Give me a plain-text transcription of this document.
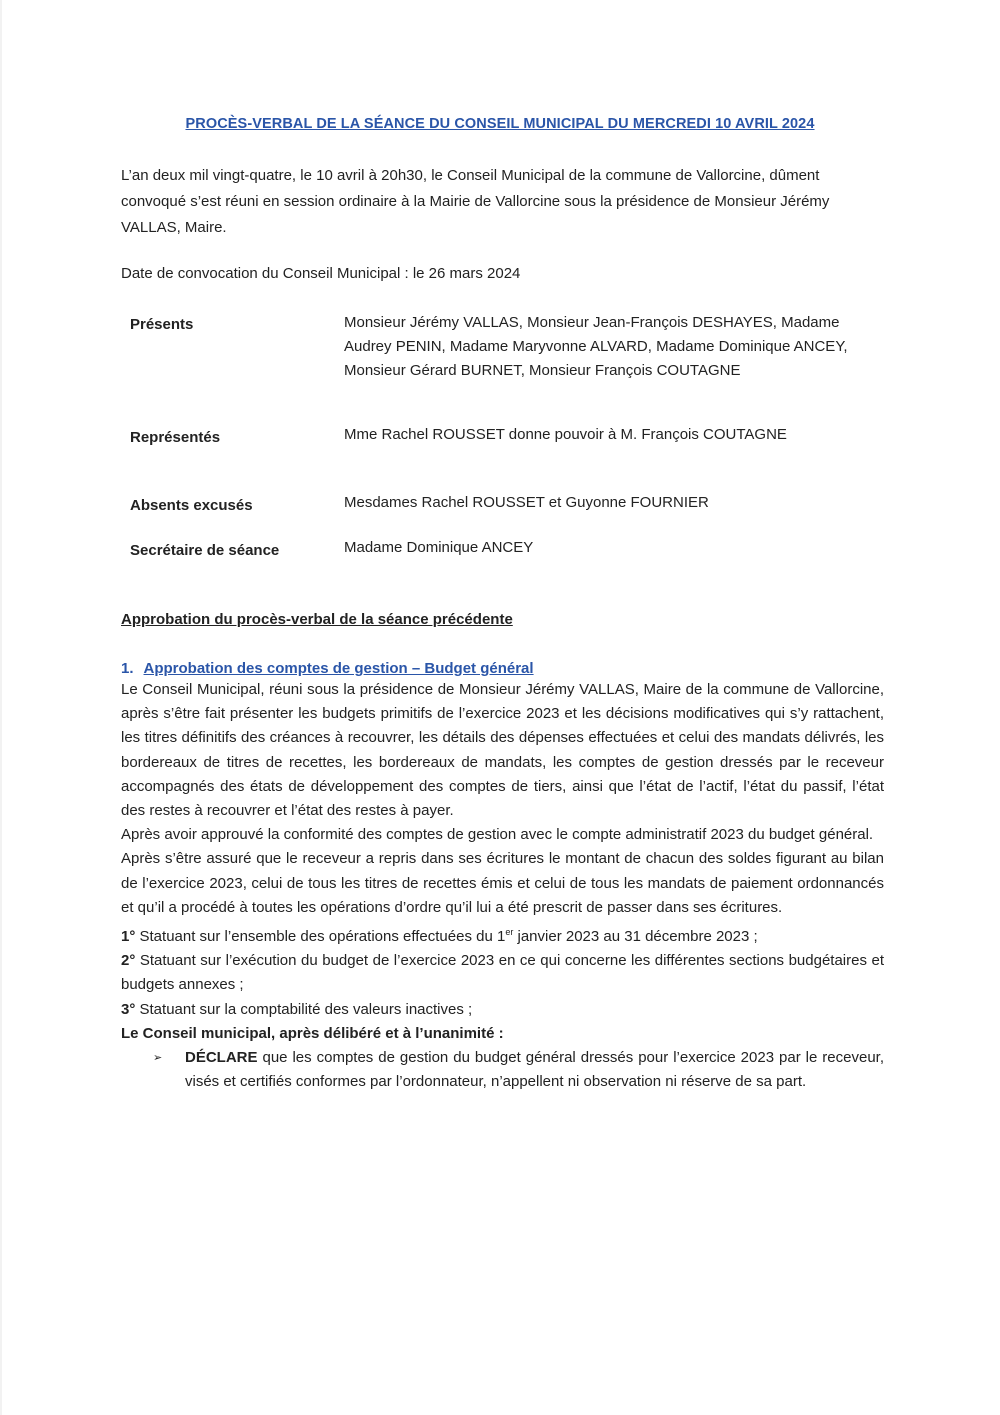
PROCÈS-VERBAL DE LA SÉANCE DU CONSEIL MUNICIPAL DU MERCREDI 10 AVRIL 2024

L’an deux mil vingt-quatre, le 10 avril à 20h30, le Conseil Municipal de la commune de Vallorcine, dûment convoqué s’est réuni en session ordinaire à la Mairie de Vallorcine sous la présidence de Monsieur Jérémy VALLAS, Maire.

Date de convocation du Conseil Municipal : le 26 mars 2024

Présents	Monsieur Jérémy VALLAS, Monsieur Jean-François DESHAYES, Madame Audrey PENIN, Madame Maryvonne ALVARD, Madame Dominique ANCEY, Monsieur Gérard BURNET, Monsieur François COUTAGNE
Représentés	Mme Rachel ROUSSET donne pouvoir à M. François COUTAGNE
Absents excusés	Mesdames Rachel ROUSSET et Guyonne FOURNIER
Secrétaire de séance	Madame Dominique ANCEY
Approbation du procès-verbal de la séance précédente
1. Approbation des comptes de gestion – Budget général

Le Conseil Municipal, réuni sous la présidence de Monsieur Jérémy VALLAS, Maire de la commune de Vallorcine, après s’être fait présenter les budgets primitifs de l’exercice 2023 et les décisions modificatives qui s’y rattachent, les titres définitifs des créances à recouvrer, les détails des dépenses effectuées et celui des mandats délivrés, les bordereaux de titres de recettes, les bordereaux de mandats, les comptes de gestion dressés par le receveur accompagnés des états de développement des comptes de tiers, ainsi que l’état de l’actif, l’état du passif, l’état des restes à recouvrer et l’état des restes à payer.

Après avoir approuvé la conformité des comptes de gestion avec le compte administratif 2023 du budget général.

Après s’être assuré que le receveur a repris dans ses écritures le montant de chacun des soldes figurant au bilan de l’exercice 2023, celui de tous les titres de recettes émis et celui de tous les mandats de paiement ordonnancés et qu’il a procédé à toutes les opérations d’ordre qu’il lui a été prescrit de passer dans ses écritures.

1° Statuant sur l’ensemble des opérations effectuées du 1er janvier 2023 au 31 décembre 2023 ;

2° Statuant sur l’exécution du budget de l’exercice 2023 en ce qui concerne les différentes sections budgétaires et budgets annexes ;

3° Statuant sur la comptabilité des valeurs inactives ;

Le Conseil municipal, après délibéré et à l’unanimité :

➢	DÉCLARE que les comptes de gestion du budget général dressés pour l’exercice 2023 par le receveur, visés et certifiés conformes par l’ordonnateur, n’appellent ni observation ni réserve de sa part.
